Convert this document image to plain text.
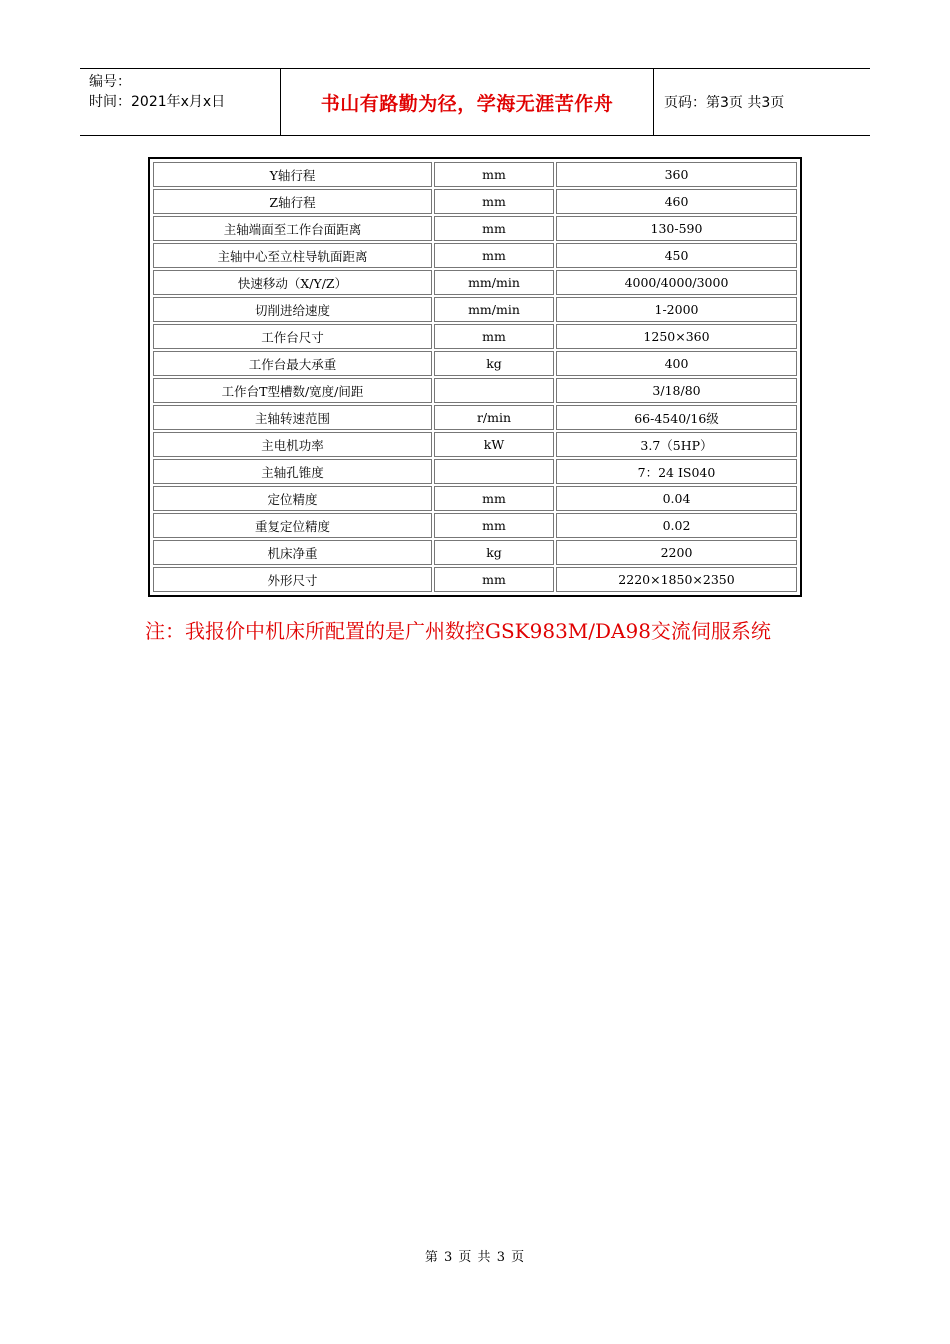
编号：
时间：2021年x月x日	书山有路勤为径，学海无涯苦作舟	页码：第3页 共3页
Y轴行程	mm	360
Z轴行程	mm	460
主轴端面至工作台面距离	mm	130-590
主轴中心至立柱导轨面距离	mm	450
快速移动（X/Y/Z）	mm/min	4000/4000/3000
切削进给速度	mm/min	1-2000
工作台尺寸	mm	1250×360
工作台最大承重	kg	400
工作台T型槽数/宽度/间距		3/18/80
主轴转速范围	r/min	66-4540/16级
主电机功率	kW	3.7（5HP）
主轴孔锥度		7：24 IS040
定位精度	mm	0.04
重复定位精度	mm	0.02
机床净重	kg	2200
外形尺寸	mm	2220×1850×2350
注：我报价中机床所配置的是广州数控GSK983M/DA98交流伺服系统
第 3 页 共 3 页
